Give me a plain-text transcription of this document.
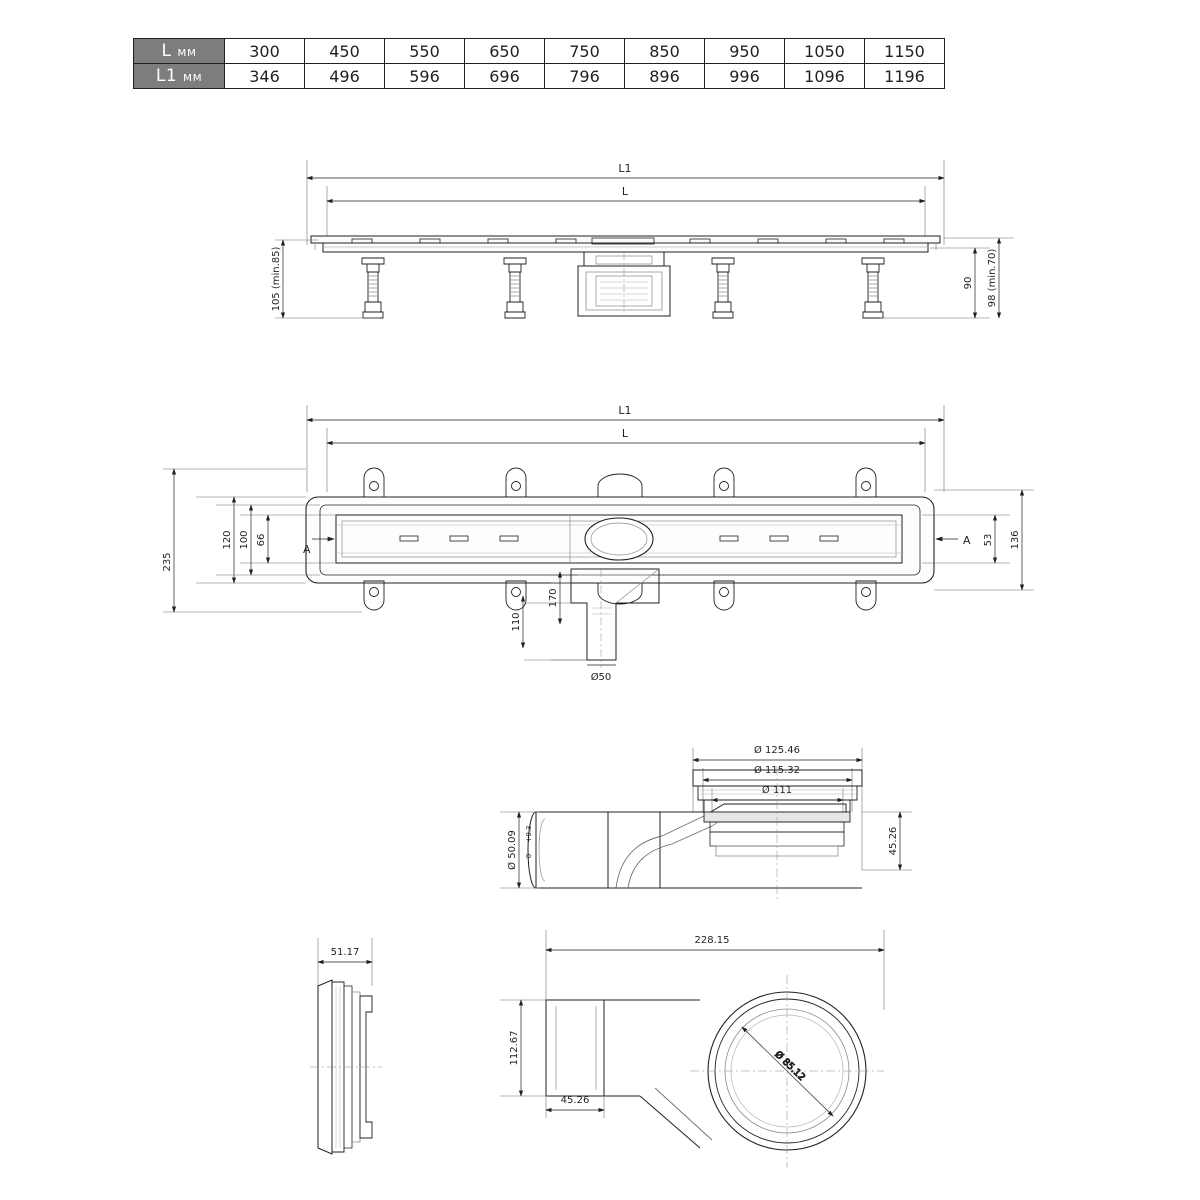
L мм	300	450	550	650	750	850	950	1050	1150
L1 мм	346	496	596	696	796	896	996	1096	1196
L1
L
105 (min.85)	90 98 (min.70)
L1
L
A
A
Ø50
120 100 66
235
53 136
170
110
Ø 125.46
Ø 115.32
Ø 111
Ø 50.09 +0.3
0
45.26
51.17
228.15
Ø 85.12
112.67
45.26
